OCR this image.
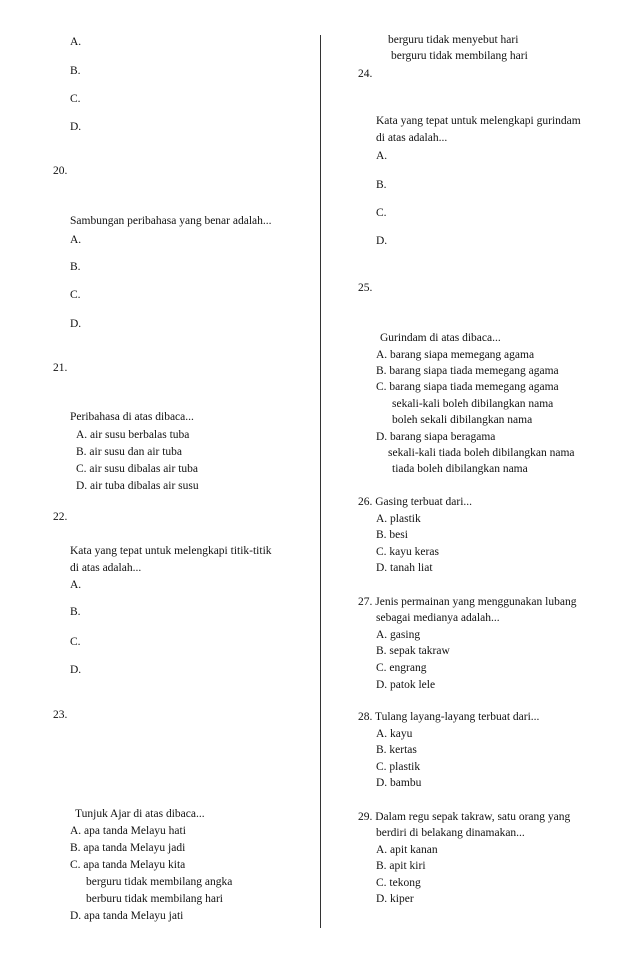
A.
B.
C.
D.
20.
Sambungan peribahasa yang benar adalah...
A.
B.
C.
D.
21.
Peribahasa di atas dibaca...
A. air susu berbalas tuba
B. air susu dan air tuba
C. air susu dibalas air tuba
D. air tuba dibalas air susu
22.
Kata yang tepat untuk melengkapi titik-titik
di atas adalah...
A.
B.
C.
D.
23.
Tunjuk Ajar di atas dibaca...
A. apa tanda Melayu hati
B. apa tanda Melayu jadi
C. apa tanda Melayu kita
berguru tidak membilang angka
berburu tidak membilang hari
D. apa tanda Melayu jati
berguru tidak menyebut hari
berguru tidak membilang hari
24.
Kata yang tepat untuk melengkapi gurindam
di atas adalah...
A.
B.
C.
D.
25.
Gurindam di atas dibaca...
A. barang siapa memegang agama
B. barang siapa tiada memegang agama
C. barang siapa tiada memegang agama
sekali-kali boleh dibilangkan nama
boleh sekali dibilangkan nama
D. barang siapa beragama
sekali-kali tiada boleh dibilangkan nama
tiada boleh dibilangkan nama
26. Gasing terbuat dari...
A. plastik
B. besi
C. kayu keras
D. tanah liat
27. Jenis permainan yang menggunakan lubang
sebagai medianya adalah...
A. gasing
B. sepak takraw
C. engrang
D. patok lele
28. Tulang layang-layang terbuat dari...
A. kayu
B. kertas
C. plastik
D. bambu
29. Dalam regu sepak takraw, satu orang yang
berdiri di belakang dinamakan...
A. apit kanan
B. apit kiri
C. tekong
D. kiper
